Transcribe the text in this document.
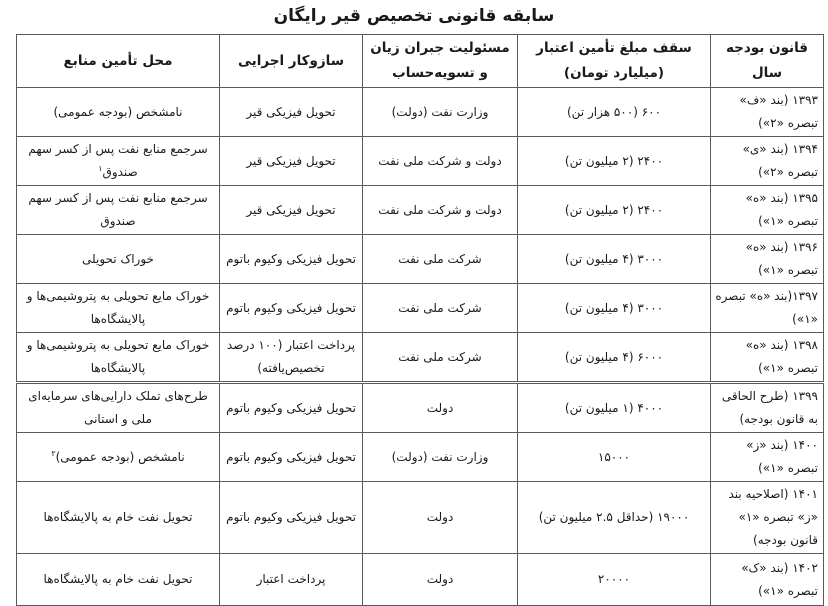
سابقه قانونی تخصیص قیر رایگان
قانون بودجه سال	سقف مبلغ تأمین اعتبار (میلیارد تومان)	مسئولیت جبران زیان و تسویه‌حساب	سازوکار اجرایی	محل تأمین منابع
۱۳۹۳ (بند «ف» تبصره «۲»)	۶۰۰ (۵۰۰ هزار تن)	وزارت نفت (دولت)	تحویل فیزیکی قیر	نامشخص (بودجه عمومی)
۱۳۹۴ (بند «ی» تبصره «۲»)	۲۴۰۰ (۲ میلیون تن)	دولت و شرکت ملی نفت	تحویل فیزیکی قیر	سرجمع منابع نفت پس از کسر سهم صندوق$^۱$
۱۳۹۵ (بند «ه» تبصره «۱»)	۲۴۰۰ (۲ میلیون تن)	دولت و شرکت ملی نفت	تحویل فیزیکی قیر	سرجمع منابع نفت پس از کسر سهم صندوق
۱۳۹۶ (بند «ه» تبصره «۱»)	۳۰۰۰ (۴ میلیون تن)	شرکت ملی نفت	تحویل فیزیکی وکیوم باتوم	خوراک تحویلی
۱۳۹۷(بند «ه» تبصره «۱»)	۳۰۰۰ (۴ میلیون تن)	شرکت ملی نفت	تحویل فیزیکی وکیوم باتوم	خوراک مایع تحویلی به پتروشیمی‌ها و پالایشگاه‌ها
۱۳۹۸ (بند «ه» تبصره «۱»)	۶۰۰۰ (۴ میلیون تن)	شرکت ملی نفت	پرداخت اعتبار (۱۰۰ درصد تخصیص‌یافته)	خوراک مایع تحویلی به پتروشیمی‌ها و پالایشگاه‌ها
۱۳۹۹ (طرح الحاقی به قانون بودجه)	۴۰۰۰ (۱ میلیون تن)	دولت	تحویل فیزیکی وکیوم باتوم	طرح‌های تملک دارایی‌های سرمایه‌ای ملی و استانی
۱۴۰۰ (بند «ز» تبصره «۱»)	۱۵۰۰۰	وزارت نفت (دولت)	تحویل فیزیکی وکیوم باتوم	نامشخص (بودجه عمومی)$^۲$
۱۴۰۱ (اصلاحیه بند «ز» تبصره «۱» قانون بودجه)	۱۹۰۰۰ (حداقل ۲.۵ میلیون تن)	دولت	تحویل فیزیکی وکیوم باتوم	تحویل نفت خام به پالایشگاه‌ها
۱۴۰۲ (بند «ک» تبصره «۱»)	۲۰۰۰۰	دولت	پرداخت اعتبار	تحویل نفت خام به پالایشگاه‌ها
